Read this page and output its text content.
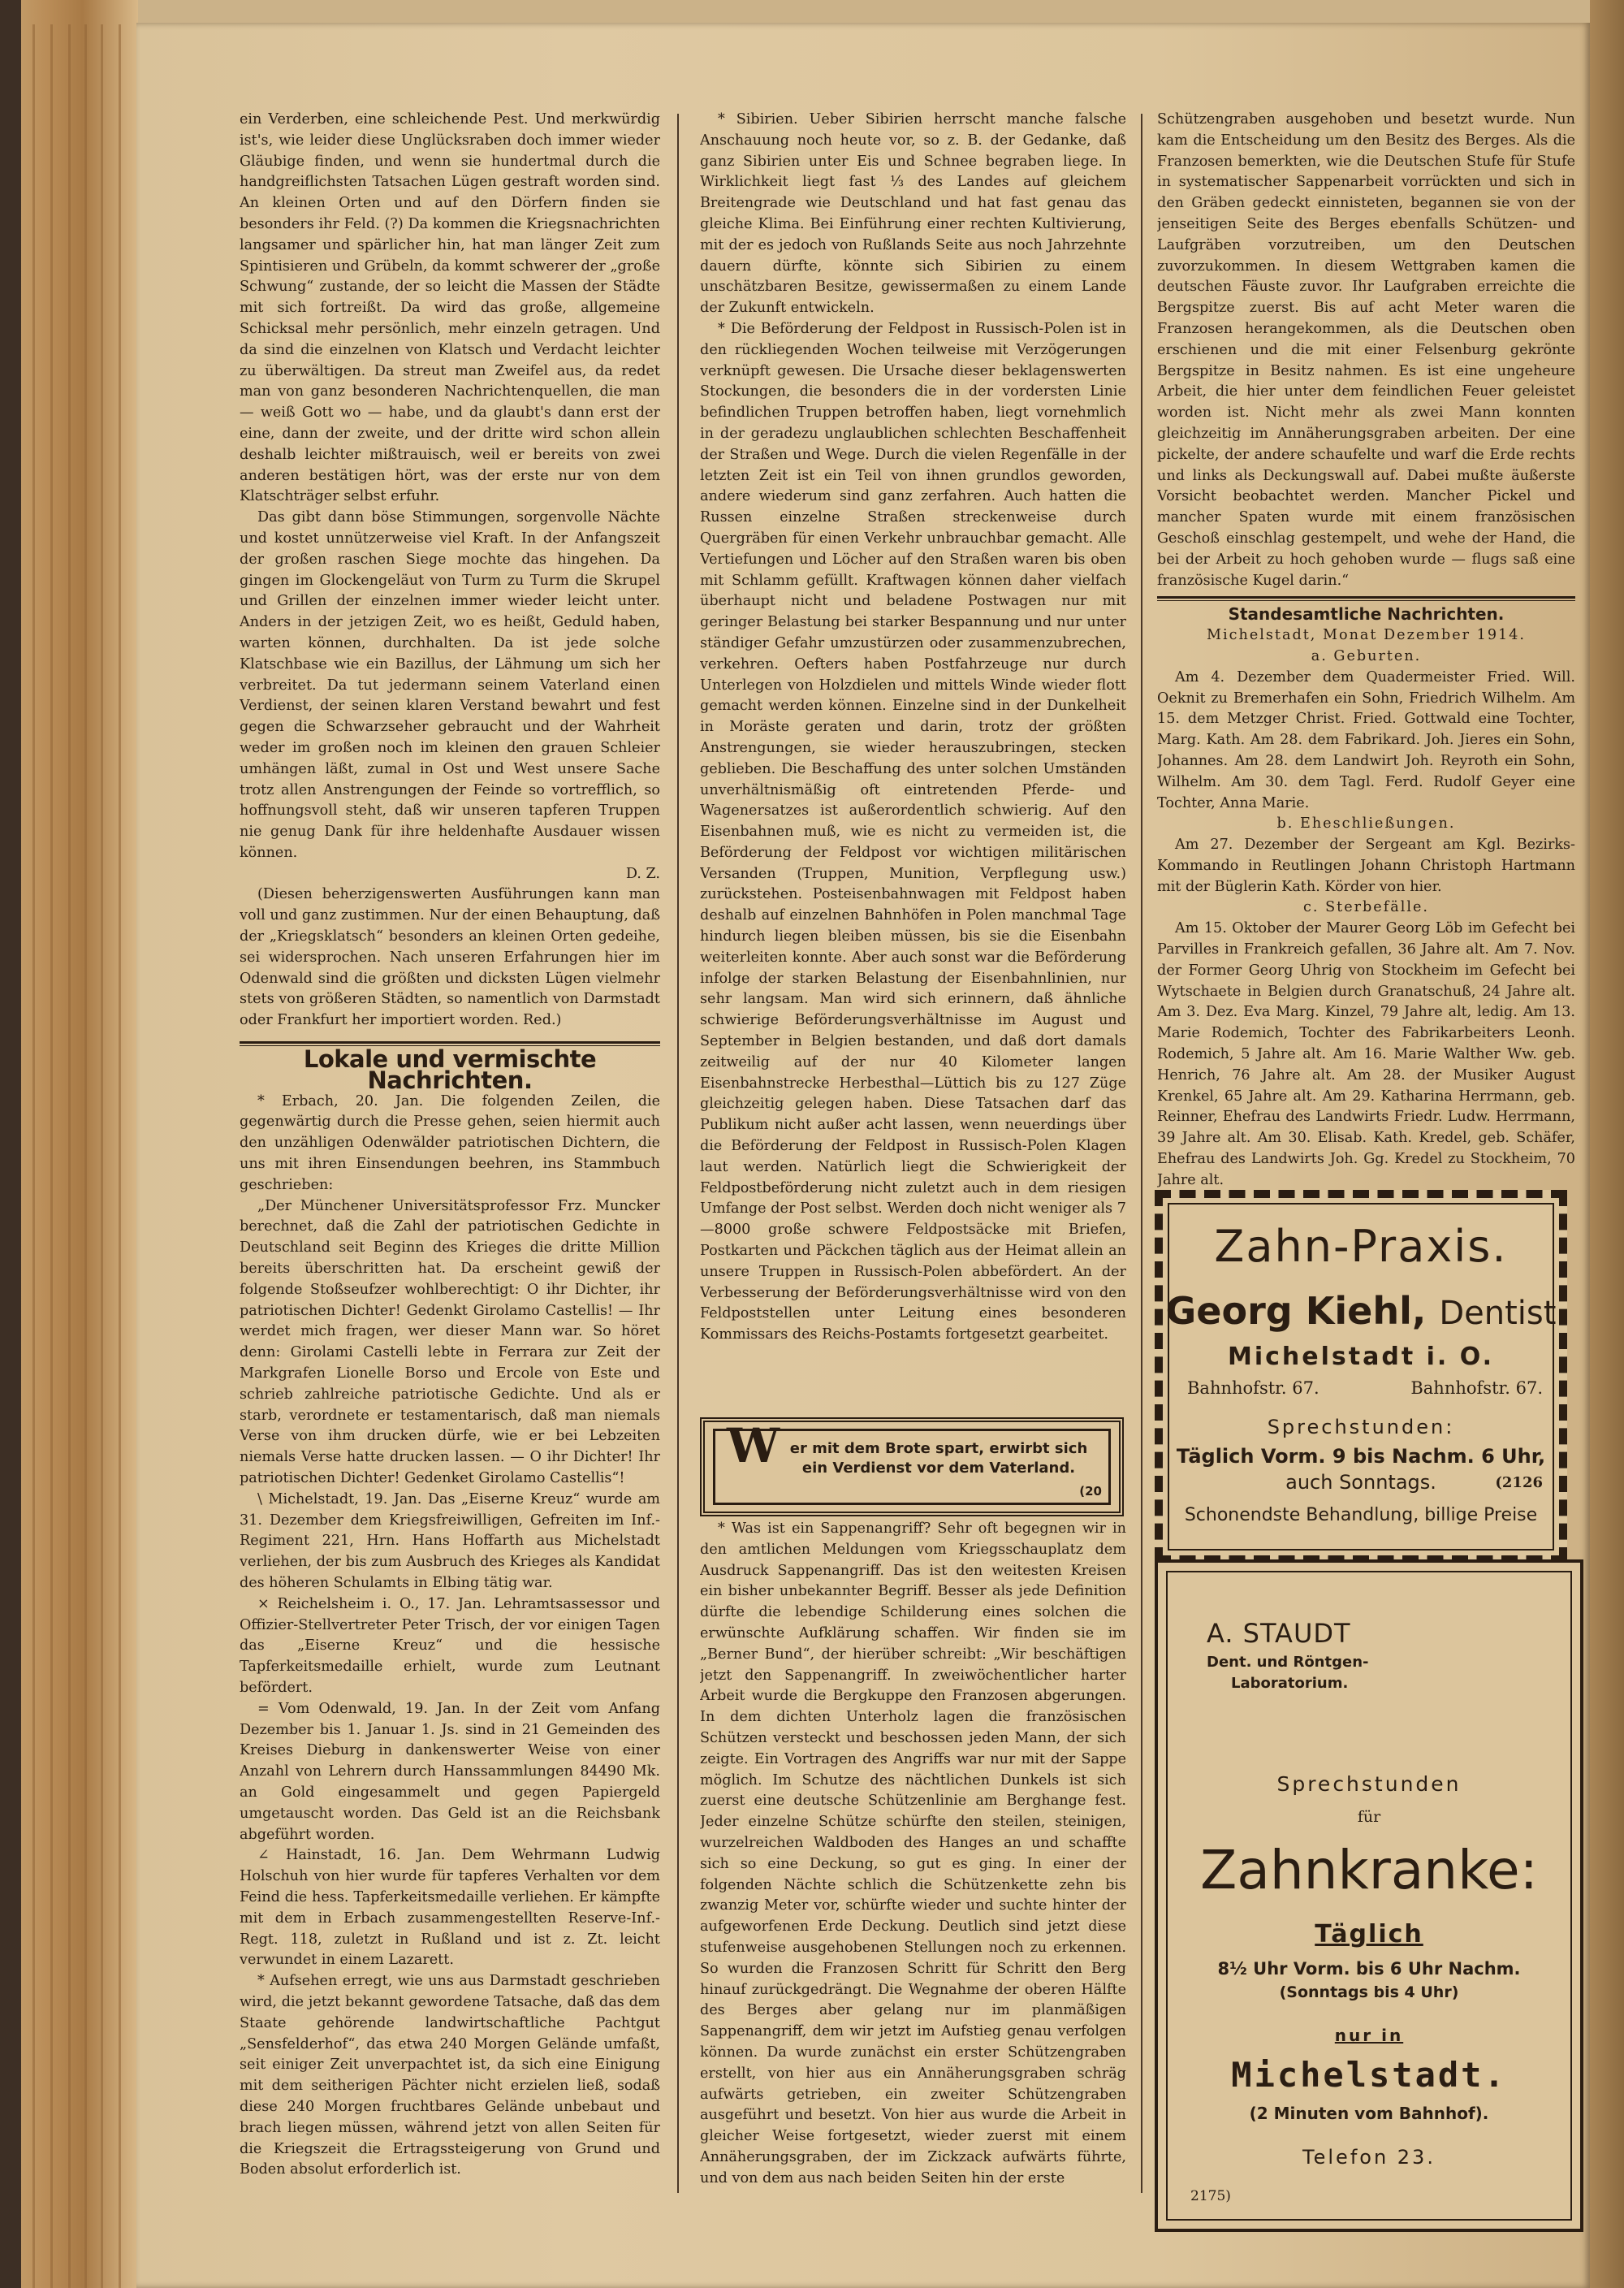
ein Verderben, eine schleichende Pest. Und merkwürdig ist's, wie leider diese Unglücksraben doch immer wieder Gläubige finden, und wenn sie hundertmal durch die handgreiflichsten Tatsachen Lügen gestraft worden sind. An kleinen Orten und auf den Dörfern finden sie besonders ihr Feld. (?) Da kommen die Kriegsnachrichten langsamer und spärlicher hin, hat man länger Zeit zum Spintisieren und Grübeln, da kommt schwerer der „große Schwung“ zustande, der so leicht die Massen der Städte mit sich fortreißt. Da wird das große, allgemeine Schicksal mehr persönlich, mehr einzeln getragen. Und da sind die einzelnen von Klatsch und Verdacht leichter zu überwältigen. Da streut man Zweifel aus, da redet man von ganz besonderen Nachrichtenquellen, die man — weiß Gott wo — habe, und da glaubt's dann erst der eine, dann der zweite, und der dritte wird schon allein deshalb leichter mißtrauisch, weil er bereits von zwei anderen bestätigen hört, was der erste nur von dem Klatschträger selbst erfuhr.

Das gibt dann böse Stimmungen, sorgenvolle Nächte und kostet unnützerweise viel Kraft. In der Anfangszeit der großen raschen Siege mochte das hingehen. Da gingen im Glockengeläut von Turm zu Turm die Skrupel und Grillen der einzelnen immer wieder leicht unter. Anders in der jetzigen Zeit, wo es heißt, Geduld haben, warten können, durchhalten. Da ist jede solche Klatschbase wie ein Bazillus, der Lähmung um sich her verbreitet. Da tut jedermann seinem Vaterland einen Verdienst, der seinen klaren Verstand bewahrt und fest gegen die Schwarzseher gebraucht und der Wahrheit weder im großen noch im kleinen den grauen Schleier umhängen läßt, zumal in Ost und West unsere Sache trotz allen Anstrengungen der Feinde so vortrefflich, so hoffnungsvoll steht, daß wir unseren tapferen Truppen nie genug Dank für ihre heldenhafte Ausdauer wissen können.

D. Z.

(Diesen beherzigenswerten Ausführungen kann man voll und ganz zustimmen. Nur der einen Behauptung, daß der „Kriegsklatsch“ besonders an kleinen Orten gedeihe, sei widersprochen. Nach unseren Erfahrungen hier im Odenwald sind die größten und dicksten Lügen vielmehr stets von größeren Städten, so namentlich von Darmstadt oder Frankfurt her importiert worden. Red.)

Lokale und vermischte Nachrichten.

* Erbach, 20. Jan. Die folgenden Zeilen, die gegenwärtig durch die Presse gehen, seien hiermit auch den unzähligen Odenwälder patriotischen Dichtern, die uns mit ihren Einsendungen beehren, ins Stammbuch geschrieben:

„Der Münchener Universitätsprofessor Frz. Muncker berechnet, daß die Zahl der patriotischen Gedichte in Deutschland seit Beginn des Krieges die dritte Million bereits überschritten hat. Da erscheint gewiß der folgende Stoßseufzer wohlberechtigt: O ihr Dichter, ihr patriotischen Dichter! Gedenkt Girolamo Castellis! — Ihr werdet mich fragen, wer dieser Mann war. So höret denn: Girolami Castelli lebte in Ferrara zur Zeit der Markgrafen Lionelle Borso und Ercole von Este und schrieb zahlreiche patriotische Gedichte. Und als er starb, verordnete er testamentarisch, daß man niemals Verse von ihm drucken dürfe, wie er bei Lebzeiten niemals Verse hatte drucken lassen. — O ihr Dichter! Ihr patriotischen Dichter! Gedenket Girolamo Castellis“!

\ Michelstadt, 19. Jan. Das „Eiserne Kreuz“ wurde am 31. Dezember dem Kriegsfreiwilligen, Gefreiten im Inf.-Regiment 221, Hrn. Hans Hoffarth aus Michelstadt verliehen, der bis zum Ausbruch des Krieges als Kandidat des höheren Schulamts in Elbing tätig war.

× Reichelsheim i. O., 17. Jan. Lehramtsassessor und Offizier-Stellvertreter Peter Trisch, der vor einigen Tagen das „Eiserne Kreuz“ und die hessische Tapferkeitsmedaille erhielt, wurde zum Leutnant befördert.

= Vom Odenwald, 19. Jan. In der Zeit vom Anfang Dezember bis 1. Januar 1. Js. sind in 21 Gemeinden des Kreises Dieburg in dankenswerter Weise von einer Anzahl von Lehrern durch Hanssammlungen 84490 Mk. an Gold eingesammelt und gegen Papiergeld umgetauscht worden. Das Geld ist an die Reichsbank abgeführt worden.

∠ Hainstadt, 16. Jan. Dem Wehrmann Ludwig Holschuh von hier wurde für tapferes Verhalten vor dem Feind die hess. Tapferkeitsmedaille verliehen. Er kämpfte mit dem in Erbach zusammengestellten Reserve-Inf.-Regt. 118, zuletzt in Rußland und ist z. Zt. leicht verwundet in einem Lazarett.

* Aufsehen erregt, wie uns aus Darmstadt geschrieben wird, die jetzt bekannt gewordene Tatsache, daß das dem Staate gehörende landwirtschaftliche Pachtgut „Sensfelderhof“, das etwa 240 Morgen Gelände umfaßt, seit einiger Zeit unverpachtet ist, da sich eine Einigung mit dem seitherigen Pächter nicht erzielen ließ, sodaß diese 240 Morgen fruchtbares Gelände unbebaut und brach liegen müssen, während jetzt von allen Seiten für die Kriegszeit die Ertragssteigerung von Grund und Boden absolut erforderlich ist.

* Sibirien. Ueber Sibirien herrscht manche falsche Anschauung noch heute vor, so z. B. der Gedanke, daß ganz Sibirien unter Eis und Schnee begraben liege. In Wirklichkeit liegt fast ⅓ des Landes auf gleichem Breitengrade wie Deutschland und hat fast genau das gleiche Klima. Bei Einführung einer rechten Kultivierung, mit der es jedoch von Rußlands Seite aus noch Jahrzehnte dauern dürfte, könnte sich Sibirien zu einem unschätzbaren Besitze, gewissermaßen zu einem Lande der Zukunft entwickeln.

* Die Beförderung der Feldpost in Russisch-Polen ist in den rückliegenden Wochen teilweise mit Verzögerungen verknüpft gewesen. Die Ursache dieser beklagenswerten Stockungen, die besonders die in der vordersten Linie befindlichen Truppen betroffen haben, liegt vornehmlich in der geradezu unglaublichen schlechten Beschaffenheit der Straßen und Wege. Durch die vielen Regenfälle in der letzten Zeit ist ein Teil von ihnen grundlos geworden, andere wiederum sind ganz zerfahren. Auch hatten die Russen einzelne Straßen streckenweise durch Quergräben für einen Verkehr unbrauchbar gemacht. Alle Vertiefungen und Löcher auf den Straßen waren bis oben mit Schlamm gefüllt. Kraftwagen können daher vielfach überhaupt nicht und beladene Postwagen nur mit geringer Belastung bei starker Bespannung und nur unter ständiger Gefahr umzustürzen oder zusammenzubrechen, verkehren. Oefters haben Postfahrzeuge nur durch Unterlegen von Holzdielen und mittels Winde wieder flott gemacht werden können. Einzelne sind in der Dunkelheit in Moräste geraten und darin, trotz der größten Anstrengungen, sie wieder herauszubringen, stecken geblieben. Die Beschaffung des unter solchen Umständen unverhältnismäßig oft eintretenden Pferde- und Wagenersatzes ist außerordentlich schwierig. Auf den Eisenbahnen muß, wie es nicht zu vermeiden ist, die Beförderung der Feldpost vor wichtigen militärischen Versanden (Truppen, Munition, Verpflegung usw.) zurückstehen. Posteisenbahnwagen mit Feldpost haben deshalb auf einzelnen Bahnhöfen in Polen manchmal Tage hindurch liegen bleiben müssen, bis sie die Eisenbahn weiterleiten konnte. Aber auch sonst war die Beförderung infolge der starken Belastung der Eisenbahnlinien, nur sehr langsam. Man wird sich erinnern, daß ähnliche schwierige Beförderungsverhältnisse im August und September in Belgien bestanden, und daß dort damals zeitweilig auf der nur 40 Kilometer langen Eisenbahnstrecke Herbesthal—Lüttich bis zu 127 Züge gleichzeitig gelegen haben. Diese Tatsachen darf das Publikum nicht außer acht lassen, wenn neuerdings über die Beförderung der Feldpost in Russisch-Polen Klagen laut werden. Natürlich liegt die Schwierigkeit der Feldpostbeförderung nicht zuletzt auch in dem riesigen Umfange der Post selbst. Werden doch nicht weniger als 7—8000 große schwere Feldpostsäcke mit Briefen, Postkarten und Päckchen täglich aus der Heimat allein an unsere Truppen in Russisch-Polen abbefördert. An der Verbesserung der Beförderungsverhältnisse wird von den Feldpoststellen unter Leitung eines besonderen Kommissars des Reichs-Postamts fortgesetzt gearbeitet.

W er mit dem Brote spart, erwirbt sich
ein Verdienst vor dem Vaterland.
(20

* Was ist ein Sappenangriff? Sehr oft begegnen wir in den amtlichen Meldungen vom Kriegsschauplatz dem Ausdruck Sappenangriff. Das ist den weitesten Kreisen ein bisher unbekannter Begriff. Besser als jede Definition dürfte die lebendige Schilderung eines solchen die erwünschte Aufklärung schaffen. Wir finden sie im „Berner Bund“, der hierüber schreibt: „Wir beschäftigen jetzt den Sappenangriff. In zweiwöchentlicher harter Arbeit wurde die Bergkuppe den Franzosen abgerungen. In dem dichten Unterholz lagen die französischen Schützen versteckt und beschossen jeden Mann, der sich zeigte. Ein Vortragen des Angriffs war nur mit der Sappe möglich. Im Schutze des nächtlichen Dunkels ist sich zuerst eine deutsche Schützenlinie am Berghange fest. Jeder einzelne Schütze schürfte den steilen, steinigen, wurzelreichen Waldboden des Hanges an und schaffte sich so eine Deckung, so gut es ging. In einer der folgenden Nächte schlich die Schützenkette zehn bis zwanzig Meter vor, schürfte wieder und suchte hinter der aufgeworfenen Erde Deckung. Deutlich sind jetzt diese stufenweise ausgehobenen Stellungen noch zu erkennen. So wurden die Franzosen Schritt für Schritt den Berg hinauf zurückgedrängt. Die Wegnahme der oberen Hälfte des Berges aber gelang nur im planmäßigen Sappenangriff, dem wir jetzt im Aufstieg genau verfolgen können. Da wurde zunächst ein erster Schützengraben erstellt, von hier aus ein Annäherungsgraben schräg aufwärts getrieben, ein zweiter Schützengraben ausgeführt und besetzt. Von hier aus wurde die Arbeit in gleicher Weise fortgesetzt, wieder zuerst mit einem Annäherungsgraben, der im Zickzack aufwärts führte, und von dem aus nach beiden Seiten hin der erste

Schützengraben ausgehoben und besetzt wurde. Nun kam die Entscheidung um den Besitz des Berges. Als die Franzosen bemerkten, wie die Deutschen Stufe für Stufe in systematischer Sappenarbeit vorrückten und sich in den Gräben gedeckt einnisteten, begannen sie von der jenseitigen Seite des Berges ebenfalls Schützen- und Laufgräben vorzutreiben, um den Deutschen zuvorzukommen. In diesem Wettgraben kamen die deutschen Fäuste zuvor. Ihr Laufgraben erreichte die Bergspitze zuerst. Bis auf acht Meter waren die Franzosen herangekommen, als die Deutschen oben erschienen und die mit einer Felsenburg gekrönte Bergspitze in Besitz nahmen. Es ist eine ungeheure Arbeit, die hier unter dem feindlichen Feuer geleistet worden ist. Nicht mehr als zwei Mann konnten gleichzeitig im Annäherungsgraben arbeiten. Der eine pickelte, der andere schaufelte und warf die Erde rechts und links als Deckungswall auf. Dabei mußte äußerste Vorsicht beobachtet werden. Mancher Pickel und mancher Spaten wurde mit einem französischen Geschoß einschlag gestempelt, und wehe der Hand, die bei der Arbeit zu hoch gehoben wurde — flugs saß eine französische Kugel darin.“

Standesamtliche Nachrichten.

Michelstadt, Monat Dezember 1914.

a. Geburten.

Am 4. Dezember dem Quadermeister Fried. Will. Oeknit zu Bremerhafen ein Sohn, Friedrich Wilhelm. Am 15. dem Metzger Christ. Fried. Gottwald eine Tochter, Marg. Kath. Am 28. dem Fabrikard. Joh. Jieres ein Sohn, Johannes. Am 28. dem Landwirt Joh. Reyroth ein Sohn, Wilhelm. Am 30. dem Tagl. Ferd. Rudolf Geyer eine Tochter, Anna Marie.

b. Eheschließungen.

Am 27. Dezember der Sergeant am Kgl. Bezirks-Kommando in Reutlingen Johann Christoph Hartmann mit der Büglerin Kath. Körder von hier.

c. Sterbefälle.

Am 15. Oktober der Maurer Georg Löb im Gefecht bei Parvilles in Frankreich gefallen, 36 Jahre alt. Am 7. Nov. der Former Georg Uhrig von Stockheim im Gefecht bei Wytschaete in Belgien durch Granatschuß, 24 Jahre alt. Am 3. Dez. Eva Marg. Kinzel, 79 Jahre alt, ledig. Am 13. Marie Rodemich, Tochter des Fabrikarbeiters Leonh. Rodemich, 5 Jahre alt. Am 16. Marie Walther Ww. geb. Henrich, 76 Jahre alt. Am 28. der Musiker August Krenkel, 65 Jahre alt. Am 29. Katharina Herrmann, geb. Reinner, Ehefrau des Landwirts Friedr. Ludw. Herrmann, 39 Jahre alt. Am 30. Elisab. Kath. Kredel, geb. Schäfer, Ehefrau des Landwirts Joh. Gg. Kredel zu Stockheim, 70 Jahre alt.

Zahn-Praxis.
Georg Kiehl, Dentist
Michelstadt i. O.
Bahnhofstr. 67.	Bahnhofstr. 67.
Sprechstunden:
Täglich Vorm. 9 bis Nachm. 6 Uhr,
auch Sonntags.	(2126
Schonendste Behandlung, billige Preise
A. STAUDT
Dent. und Röntgen-
Laboratorium.
Sprechstunden
für
Zahnkranke:
Täglich
8½ Uhr Vorm. bis 6 Uhr Nachm.
(Sonntags bis 4 Uhr)
nur in
Michelstadt.
(2 Minuten vom Bahnhof).
Telefon 23.
2175)
